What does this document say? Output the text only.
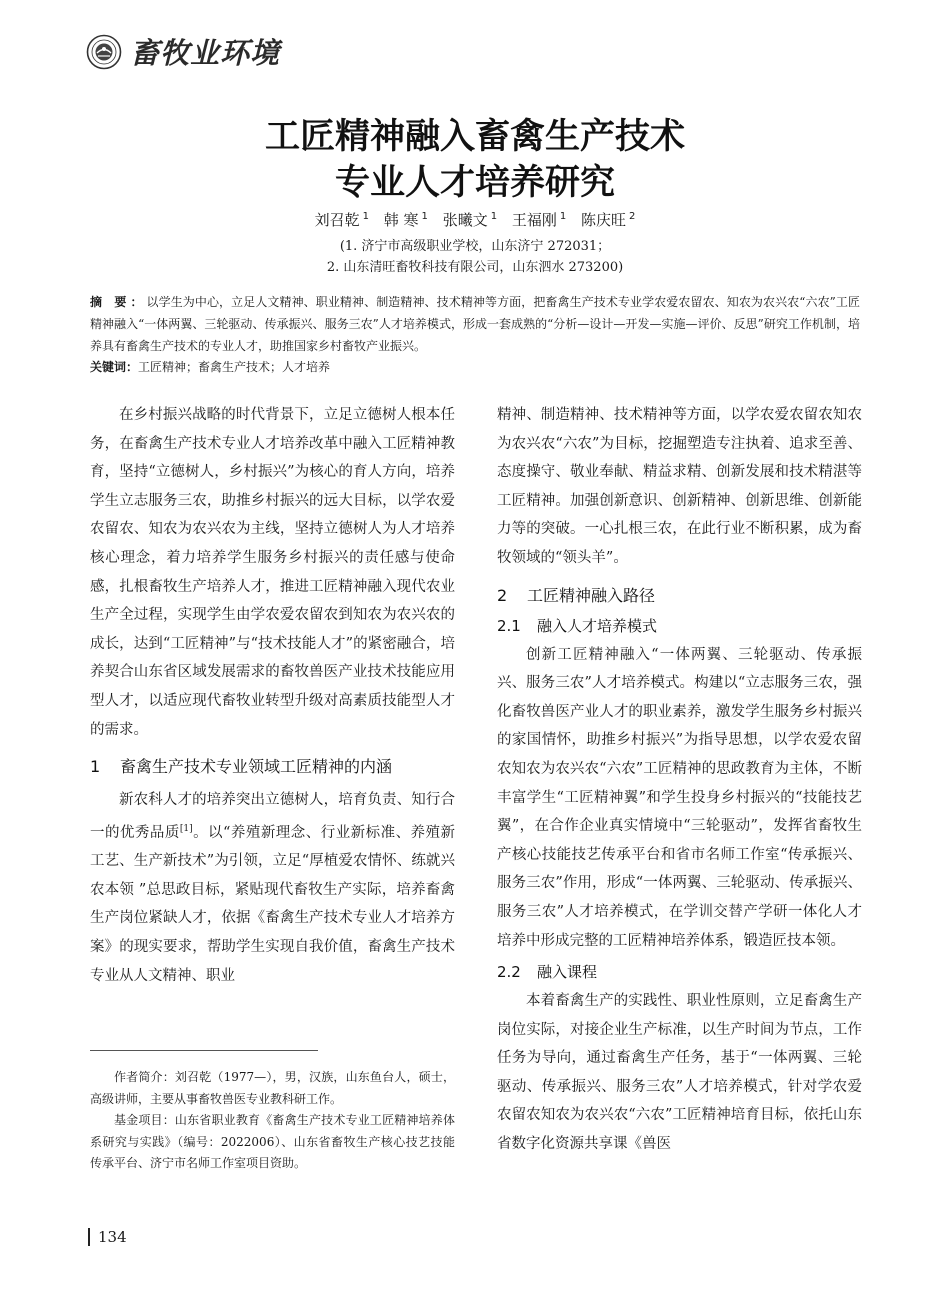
畜牧业环境
工匠精神融入畜禽生产技术
专业人才培养研究
刘召乾 $^1$ 韩 寒 $^1$ 张曦文 $^1$ 王福刚 $^1$ 陈庆旺 $^2$
(1. 济宁市高级职业学校，山东济宁 272031；
2. 山东清旺畜牧科技有限公司，山东泗水 273200)
摘 要：以学生为中心，立足人文精神、职业精神、制造精神、技术精神等方面，把畜禽生产技术专业学农爱农留农、知农为农兴农“六农”工匠精神融入“一体两翼、三轮驱动、传承振兴、服务三农”人才培养模式，形成一套成熟的“分析—设计—开发—实施—评价、反思”研究工作机制，培养具有畜禽生产技术的专业人才，助推国家乡村畜牧产业振兴。
关键词：工匠精神；畜禽生产技术；人才培养

在乡村振兴战略的时代背景下，立足立德树人根本任务，在畜禽生产技术专业人才培养改革中融入工匠精神教育，坚持“立德树人，乡村振兴”为核心的育人方向，培养学生立志服务三农，助推乡村振兴的远大目标，以学农爱农留农、知农为农兴农为主线，坚持立德树人为人才培养核心理念，着力培养学生服务乡村振兴的责任感与使命感，扎根畜牧生产培养人才，推进工匠精神融入现代农业生产全过程，实现学生由学农爱农留农到知农为农兴农的成长，达到“工匠精神”与“技术技能人才”的紧密融合，培养契合山东省区域发展需求的畜牧兽医产业技术技能应用型人才，以适应现代畜牧业转型升级对高素质技能型人才的需求。

1 畜禽生产技术专业领域工匠精神的内涵

新农科人才的培养突出立德树人，培育负责、知行合一的优秀品质[1]。以“养殖新理念、行业新标准、养殖新工艺、生产新技术”为引领，立足“厚植爱农情怀、练就兴农本领 ”总思政目标，紧贴现代畜牧生产实际，培养畜禽生产岗位紧缺人才，依据《畜禽生产技术专业人才培养方案》的现实要求，帮助学生实现自我价值，畜禽生产技术专业从人文精神、职业

精神、制造精神、技术精神等方面，以学农爱农留农知农为农兴农“六农”为目标，挖掘塑造专注执着、追求至善、态度操守、敬业奉献、精益求精、创新发展和技术精湛等工匠精神。加强创新意识、创新精神、创新思维、创新能力等的突破。一心扎根三农，在此行业不断积累，成为畜牧领域的“领头羊”。

2 工匠精神融入路径
2.1 融入人才培养模式

创新工匠精神融入“一体两翼、三轮驱动、传承振兴、服务三农”人才培养模式。构建以“立志服务三农，强化畜牧兽医产业人才的职业素养，激发学生服务乡村振兴的家国情怀，助推乡村振兴”为指导思想，以学农爱农留农知农为农兴农“六农”工匠精神的思政教育为主体，不断丰富学生“工匠精神翼”和学生投身乡村振兴的“技能技艺翼”，在合作企业真实情境中“三轮驱动”，发挥省畜牧生产核心技能技艺传承平台和省市名师工作室“传承振兴、服务三农”作用，形成“一体两翼、三轮驱动、传承振兴、服务三农”人才培养模式，在学训交替产学研一体化人才培养中形成完整的工匠精神培养体系，锻造匠技本领。

2.2 融入课程

本着畜禽生产的实践性、职业性原则，立足畜禽生产岗位实际，对接企业生产标准，以生产时间为节点，工作任务为导向，通过畜禽生产任务，基于“一体两翼、三轮驱动、传承振兴、服务三农”人才培养模式，针对学农爱农留农知农为农兴农“六农”工匠精神培育目标，依托山东省数字化资源共享课《兽医

作者简介：刘召乾（1977—），男，汉族，山东鱼台人，硕士，高级讲师，主要从事畜牧兽医专业教科研工作。

基金项目：山东省职业教育《畜禽生产技术专业工匠精神培养体系研究与实践》（编号：2022006）、山东省畜牧生产核心技艺技能传承平台、济宁市名师工作室项目资助。

134
